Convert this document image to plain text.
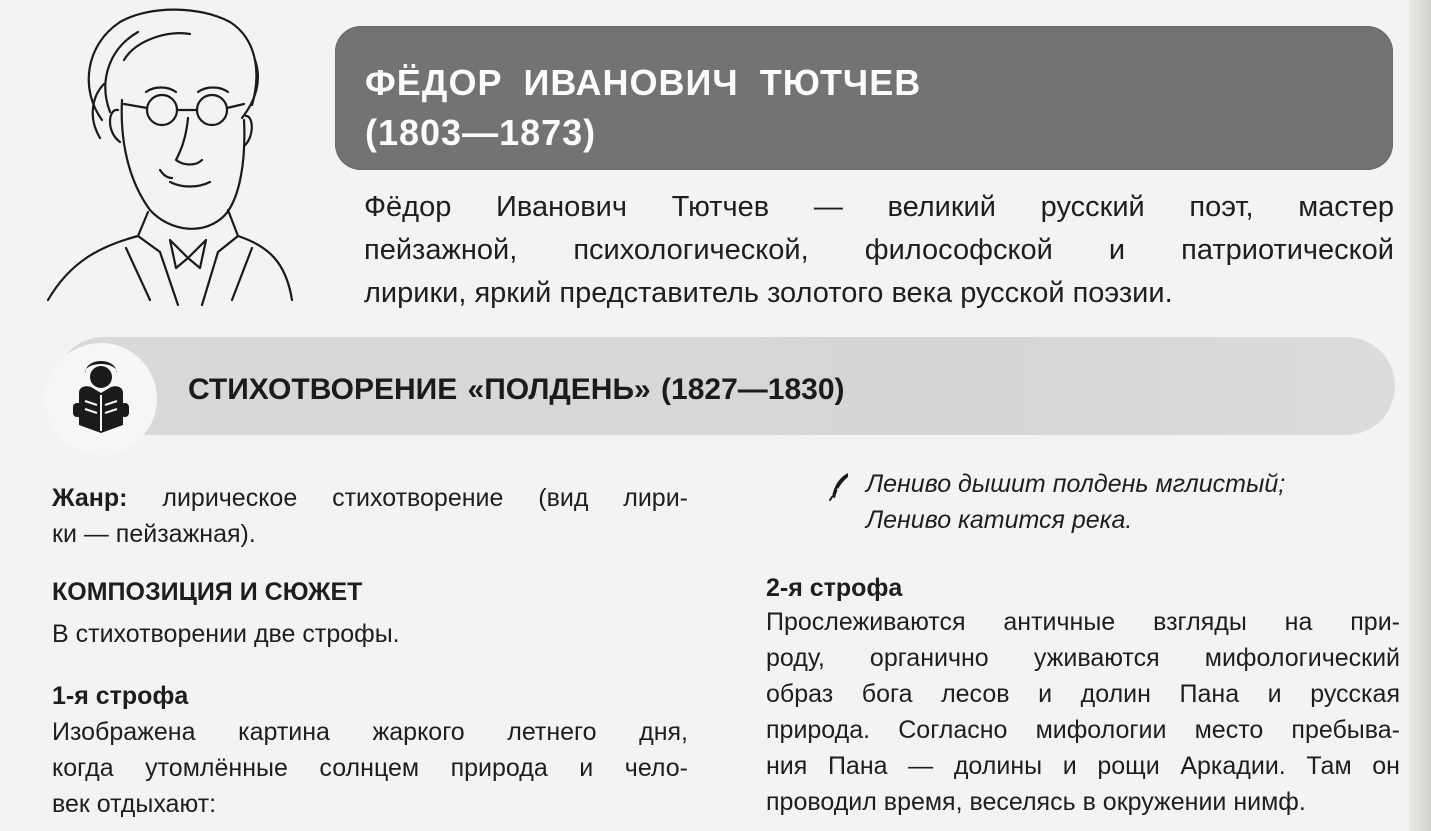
ФЁДОР ИВАНОВИЧ ТЮТЧЕВ
(1803—1873)

Фёдор Иванович Тютчев — великий русский поэт, мастер
пейзажной, психологической, философской и патриотической
лирики, яркий представитель золотого века русской поэзии.

СТИХОТВОРЕНИЕ «ПОЛДЕНЬ» (1827—1830)

Жанр: лирическое стихотворение (вид лири-
ки — пейзажная).

КОМПОЗИЦИЯ И СЮЖЕТ

В стихотворении две строфы.

1-я строфа

Изображена картина жаркого летнего дня,
когда утомлённые солнцем природа и чело-
век отдыхают:

Лениво дышит полдень мглистый;
Лениво катится река.

2-я строфа

Прослеживаются античные взгляды на при-
роду, органично уживаются мифологический
образ бога лесов и долин Пана и русская
природа. Согласно мифологии место пребыва-
ния Пана — долины и рощи Аркадии. Там он
проводил время, веселясь в окружении нимф.
